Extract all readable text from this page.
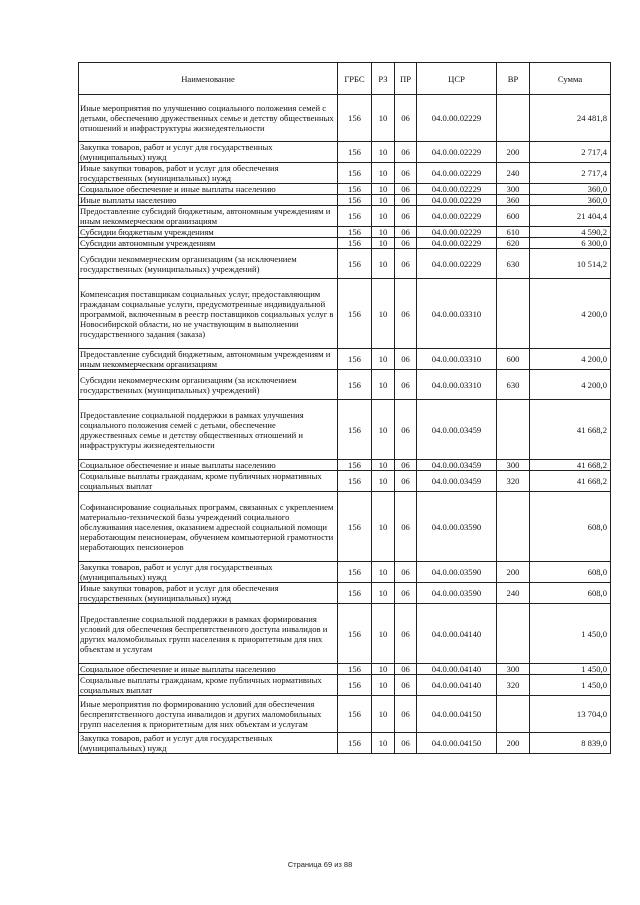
Наименование	ГРБС	РЗ	ПР	ЦСР	ВР	Сумма
Иные мероприятия по улучшению социального положения семей с детьми, обеспечению дружественных семье и детству общественных отношений и инфраструктуры жизнедеятельности	156	10	06	04.0.00.02229		24 481,8
Закупка товаров, работ и услуг для государственных (муниципальных) нужд	156	10	06	04.0.00.02229	200	2 717,4
Иные закупки товаров, работ и услуг для обеспечения государственных (муниципальных) нужд	156	10	06	04.0.00.02229	240	2 717,4
Социальное обеспечение и иные выплаты населению	156	10	06	04.0.00.02229	300	360,0
Иные выплаты населению	156	10	06	04.0.00.02229	360	360,0
Предоставление субсидий бюджетным, автономным учреждениям и иным некоммерческим организациям	156	10	06	04.0.00.02229	600	21 404,4
Субсидии бюджетным учреждениям	156	10	06	04.0.00.02229	610	4 590,2
Субсидии автономным учреждениям	156	10	06	04.0.00.02229	620	6 300,0
Субсидии некоммерческим организациям (за исключением государственных (муниципальных) учреждений)	156	10	06	04.0.00.02229	630	10 514,2
Компенсация поставщикам социальных услуг, предоставляющим гражданам социальные услуги, предусмотренные индивидуальной программой, включенным в реестр поставщиков социальных услуг в Новосибирской области, но не участвующим в выполнении государственного задания (заказа)	156	10	06	04.0.00.03310		4 200,0
Предоставление субсидий бюджетным, автономным учреждениям и иным некоммерческим организациям	156	10	06	04.0.00.03310	600	4 200,0
Субсидии некоммерческим организациям (за исключением государственных (муниципальных) учреждений)	156	10	06	04.0.00.03310	630	4 200,0
Предоставление социальной поддержки в рамках улучшения социального положения семей с детьми, обеспечение дружественных семье и детству общественных отношений и инфраструктуры жизнедеятельности	156	10	06	04.0.00.03459		41 668,2
Социальное обеспечение и иные выплаты населению	156	10	06	04.0.00.03459	300	41 668,2
Социальные выплаты гражданам, кроме публичных нормативных социальных выплат	156	10	06	04.0.00.03459	320	41 668,2
Софинансирование социальных программ, связанных с укреплением материально-технической базы учреждений социального обслуживания населения, оказанием адресной социальной помощи неработающим пенсионерам, обучением компьютерной грамотности неработающих пенсионеров	156	10	06	04.0.00.03590		608,0
Закупка товаров, работ и услуг для государственных (муниципальных) нужд	156	10	06	04.0.00.03590	200	608,0
Иные закупки товаров, работ и услуг для обеспечения государственных (муниципальных) нужд	156	10	06	04.0.00.03590	240	608,0
Предоставление социальной поддержки в рамках формирования условий для обеспечения беспрепятственного доступа инвалидов и других маломобильных групп населения к приоритетным для них объектам и услугам	156	10	06	04.0.00.04140		1 450,0
Социальное обеспечение и иные выплаты населению	156	10	06	04.0.00.04140	300	1 450,0
Социальные выплаты гражданам, кроме публичных нормативных социальных выплат	156	10	06	04.0.00.04140	320	1 450,0
Иные мероприятия по формированию условий для обеспечения беспрепятственного доступа инвалидов и других маломобильных групп населения к приоритетным для них объектам и услугам	156	10	06	04.0.00.04150		13 704,0
Закупка товаров, работ и услуг для государственных (муниципальных) нужд	156	10	06	04.0.00.04150	200	8 839,0
Страница 69 из 88
